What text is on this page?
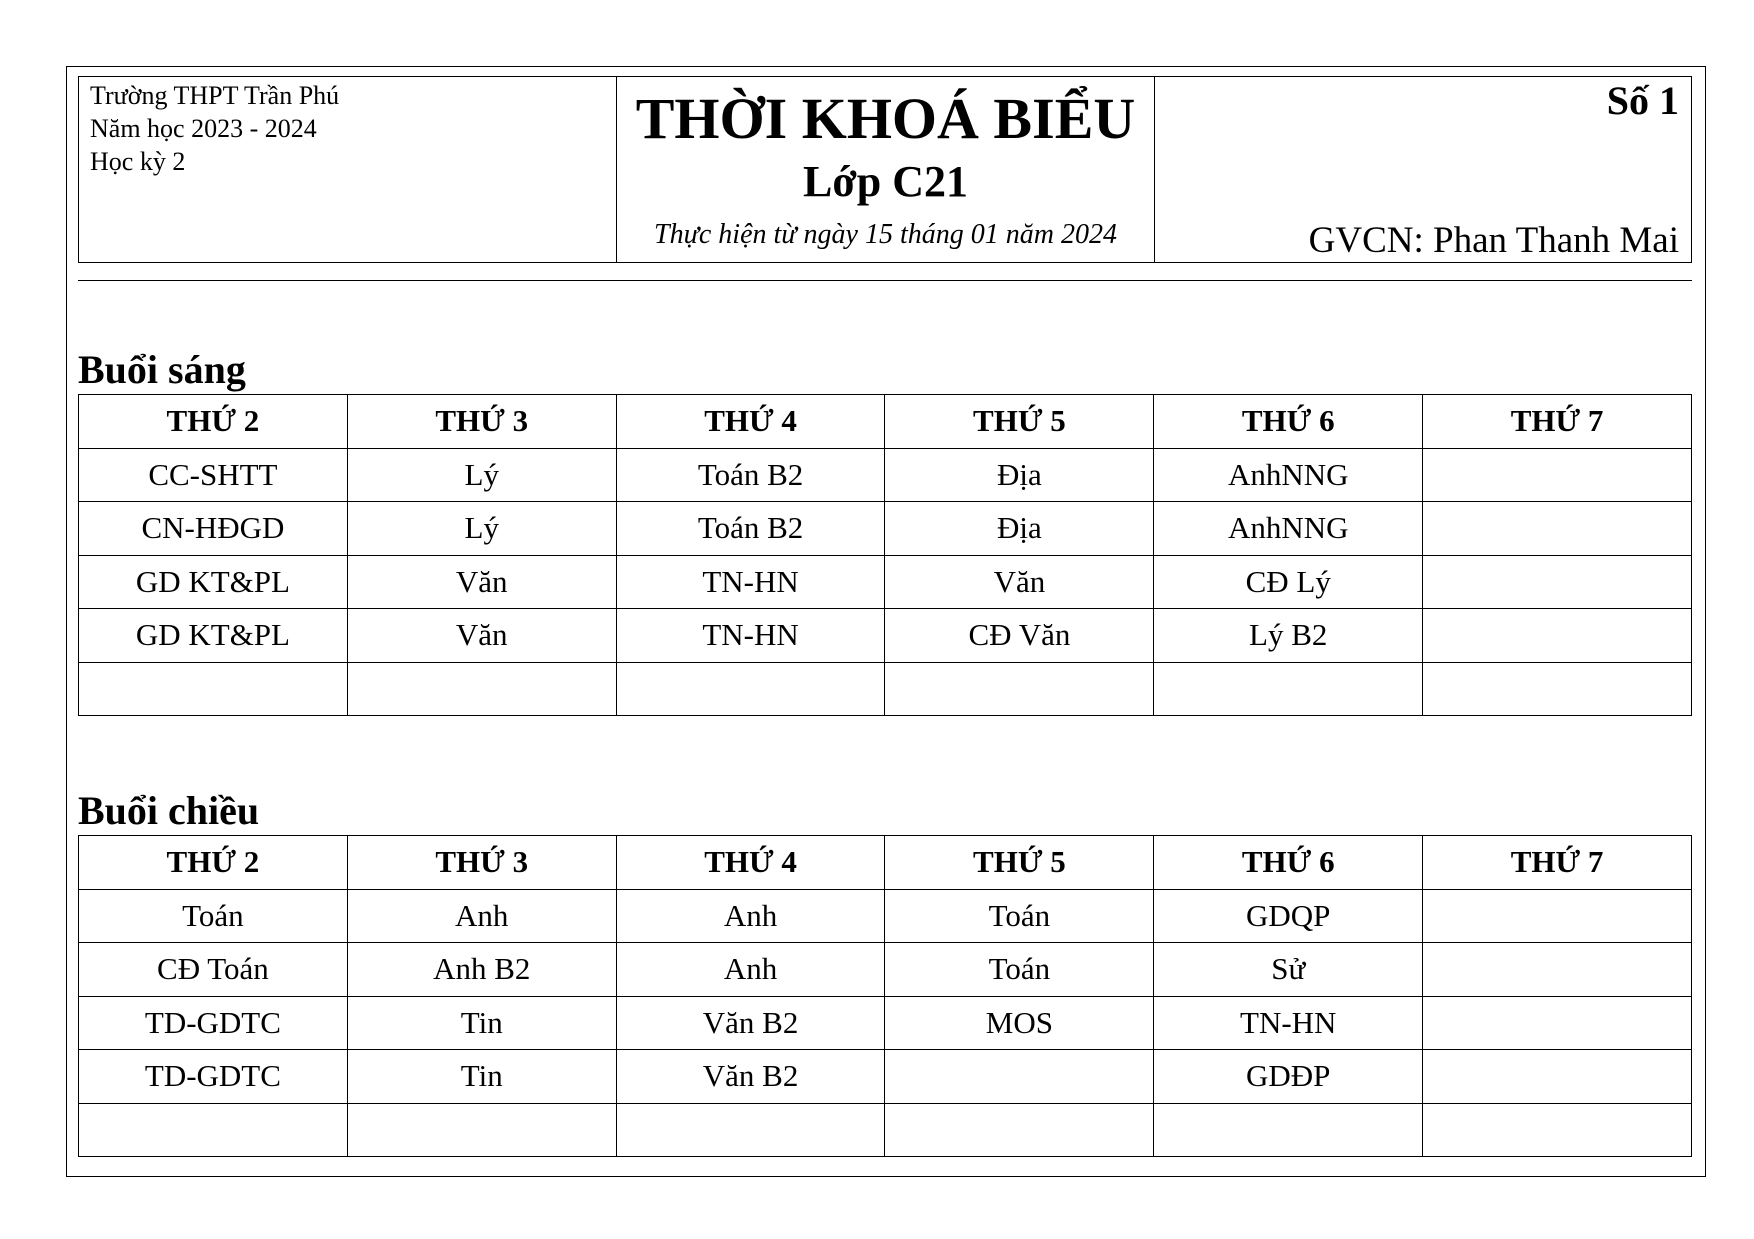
Trường THPT Trần Phú
Năm học 2023 - 2024
Học kỳ 2
THỜI KHOÁ BIỂU
Lớp C21
Thực hiện từ ngày 15 tháng 01 năm 2024
Số 1
GVCN: Phan Thanh Mai
Buổi sáng
THỨ 2	THỨ 3	THỨ 4	THỨ 5	THỨ 6	THỨ 7
CC-SHTT	Lý	Toán B2	Địa	AnhNNG	
CN-HĐGD	Lý	Toán B2	Địa	AnhNNG	
GD KT&PL	Văn	TN-HN	Văn	CĐ Lý	
GD KT&PL	Văn	TN-HN	CĐ Văn	Lý B2	

Buổi chiều
THỨ 2	THỨ 3	THỨ 4	THỨ 5	THỨ 6	THỨ 7
Toán	Anh	Anh	Toán	GDQP	
CĐ Toán	Anh B2	Anh	Toán	Sử	
TD-GDTC	Tin	Văn B2	MOS	TN-HN	
TD-GDTC	Tin	Văn B2		GDĐP	
